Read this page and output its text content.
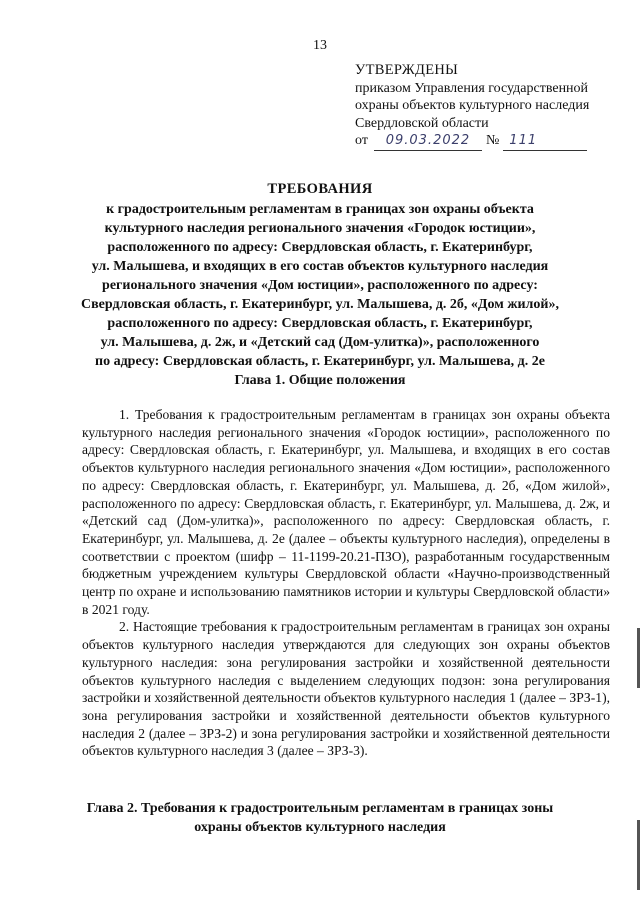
13
УТВЕРЖДЕНЫ
приказом Управления государственной
охраны объектов культурного наследия
Свердловской области
от	09.03.2022	№ 111
ТРЕБОВАНИЯ
к градостроительным регламентам в границах зон охраны объекта
культурного наследия регионального значения «Городок юстиции»,
расположенного по адресу: Свердловская область, г. Екатеринбург,
ул. Малышева, и входящих в его состав объектов культурного наследия
регионального значения «Дом юстиции», расположенного по адресу:
Свердловская область, г. Екатеринбург, ул. Малышева, д. 2б, «Дом жилой»,
расположенного по адресу: Свердловская область, г. Екатеринбург,
ул. Малышева, д. 2ж, и «Детский сад (Дом-улитка)», расположенного
по адресу: Свердловская область, г. Екатеринбург, ул. Малышева, д. 2е
Глава 1. Общие положения

1. Требования к градостроительным регламентам в границах зон охраны объекта культурного наследия регионального значения «Городок юстиции», расположенного по адресу: Свердловская область, г. Екатеринбург, ул. Малышева, и входящих в его состав объектов культурного наследия регионального значения «Дом юстиции», расположенного по адресу: Свердловская область, г. Екатеринбург, ул. Малышева, д. 2б, «Дом жилой», расположенного по адресу: Свердловская область, г. Екатеринбург, ул. Малышева, д. 2ж, и «Детский сад (Дом-улитка)», расположенного по адресу: Свердловская область, г. Екатеринбург, ул. Малышева, д. 2е (далее – объекты культурного наследия), определены в соответствии с проектом (шифр – 11-1199-20.21-ПЗО), разработанным государственным бюджетным учреждением культуры Свердловской области «Научно-производственный центр по охране и использованию памятников истории и культуры Свердловской области» в 2021 году.

2. Настоящие требования к градостроительным регламентам в границах зон охраны объектов культурного наследия утверждаются для следующих зон охраны объектов культурного наследия: зона регулирования застройки и хозяйственной деятельности объектов культурного наследия с выделением следующих подзон: зона регулирования застройки и хозяйственной деятельности объектов культурного наследия 1 (далее – ЗРЗ-1), зона регулирования застройки и хозяйственной деятельности объектов культурного наследия 2 (далее – ЗРЗ-2) и зона регулирования застройки и хозяйственной деятельности объектов культурного наследия 3 (далее – ЗРЗ-3).

Глава 2. Требования к градостроительным регламентам в границах зоны
охраны объектов культурного наследия
